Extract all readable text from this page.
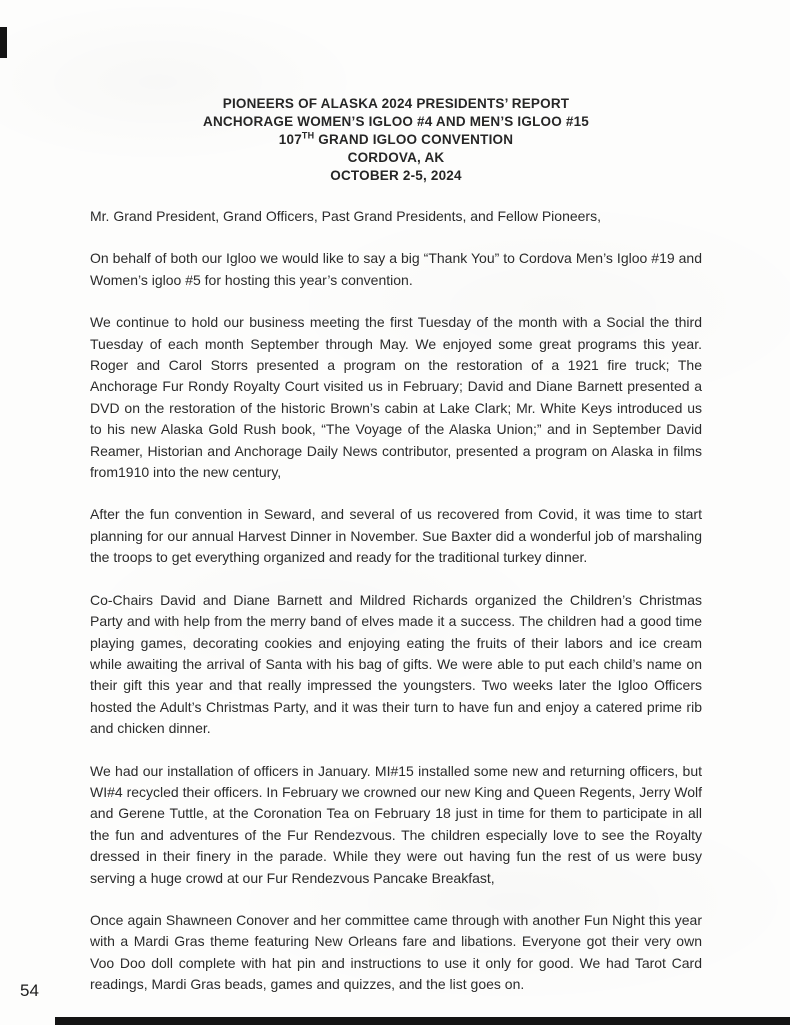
PIONEERS OF ALASKA 2024 PRESIDENTS’ REPORT
ANCHORAGE WOMEN’S IGLOO #4 AND MEN’S IGLOO #15
107TH GRAND IGLOO CONVENTION
CORDOVA, AK
OCTOBER 2-5, 2024

Mr. Grand President, Grand Officers, Past Grand Presidents, and Fellow Pioneers,

On behalf of both our Igloo we would like to say a big “Thank You” to Cordova Men’s Igloo #19 and Women’s igloo #5 for hosting this year’s convention.

We continue to hold our business meeting the first Tuesday of the month with a Social the third Tuesday of each month September through May. We enjoyed some great programs this year. Roger and Carol Storrs presented a program on the restoration of a 1921 fire truck; The Anchorage Fur Rondy Royalty Court visited us in February; David and Diane Barnett presented a DVD on the restoration of the historic Brown’s cabin at Lake Clark; Mr. White Keys introduced us to his new Alaska Gold Rush book, “The Voyage of the Alaska Union;” and in September David Reamer, Historian and Anchorage Daily News contributor, presented a program on Alaska in films from1910 into the new century,

After the fun convention in Seward, and several of us recovered from Covid, it was time to start planning for our annual Harvest Dinner in November. Sue Baxter did a wonderful job of marshaling the troops to get everything organized and ready for the traditional turkey dinner.

Co-Chairs David and Diane Barnett and Mildred Richards organized the Children’s Christmas Party and with help from the merry band of elves made it a success. The children had a good time playing games, decorating cookies and enjoying eating the fruits of their labors and ice cream while awaiting the arrival of Santa with his bag of gifts. We were able to put each child’s name on their gift this year and that really impressed the youngsters. Two weeks later the Igloo Officers hosted the Adult’s Christmas Party, and it was their turn to have fun and enjoy a catered prime rib and chicken dinner.

We had our installation of officers in January. MI#15 installed some new and returning officers, but WI#4 recycled their officers. In February we crowned our new King and Queen Regents, Jerry Wolf and Gerene Tuttle, at the Coronation Tea on February 18 just in time for them to participate in all the fun and adventures of the Fur Rendezvous. The children especially love to see the Royalty dressed in their finery in the parade. While they were out having fun the rest of us were busy serving a huge crowd at our Fur Rendezvous Pancake Breakfast,

Once again Shawneen Conover and her committee came through with another Fun Night this year with a Mardi Gras theme featuring New Orleans fare and libations. Everyone got their very own Voo Doo doll complete with hat pin and instructions to use it only for good. We had Tarot Card readings, Mardi Gras beads, games and quizzes, and the list goes on.

54
